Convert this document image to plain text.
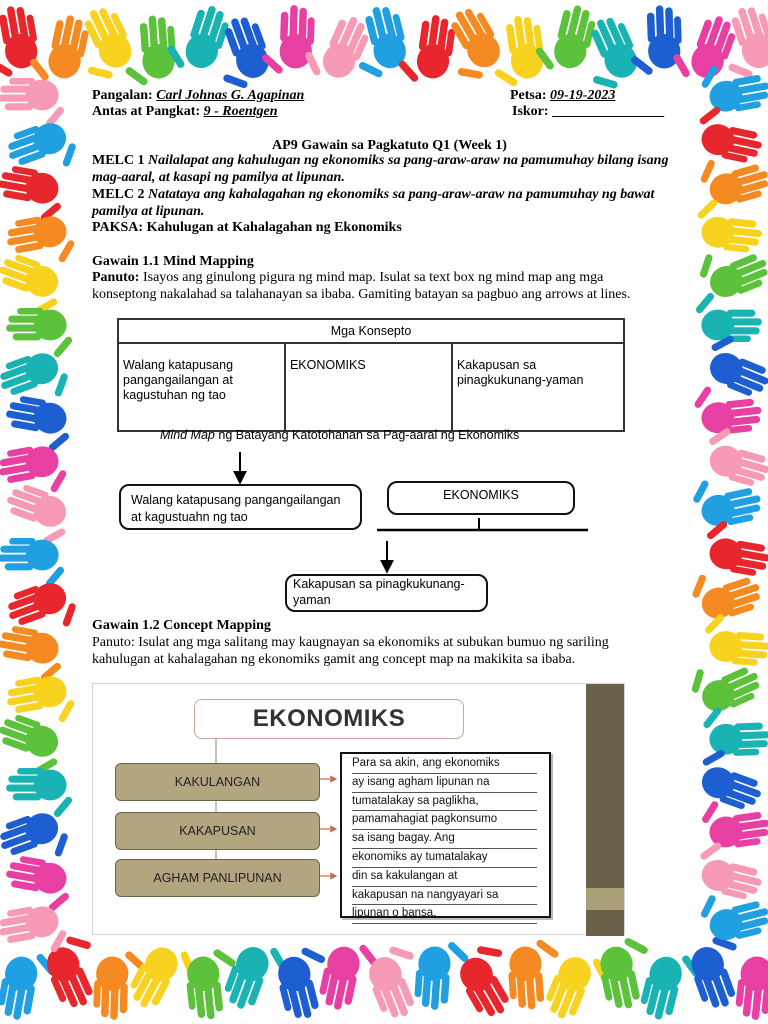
Pangalan: Carl Johnas G. Agapinan
Antas at Pangkat: 9 - Roentgen
Petsa: 09-19-2023
Iskor: ________________
AP9 Gawain sa Pagkatuto Q1 (Week 1)
MELC 1 Nailalapat ang kahulugan ng ekonomiks sa pang-araw-araw na pamumuhay bilang isang mag-aaral, at kasapi ng pamilya at lipunan.
MELC 2 Natataya ang kahalagahan ng ekonomiks sa pang-araw-araw na pamumuhay ng bawat pamilya at lipunan.
PAKSA: Kahulugan at Kahalagahan ng Ekonomiks
Gawain 1.1 Mind Mapping
Panuto: Isayos ang ginulong pigura ng mind map. Isulat sa text box ng mind map ang mga konseptong nakalahad sa talahanayan sa ibaba. Gamiting batayan sa pagbuo ang arrows at lines.
Mga Konsepto
Walang katapusang pangangailangan at kagustuhan ng tao	EKONOMIKS	Kakapusan sa pinagkukunang-yaman
Mind Map ng Batayang Katotohanan sa Pag-aaral ng Ekonomiks
Walang katapusang pangangailangan at kagustuahn ng tao
EKONOMIKS
Kakapusan sa pinagkukunang-yaman
Gawain 1.2 Concept Mapping
Panuto: Isulat ang mga salitang may kaugnayan sa ekonomiks at subukan bumuo ng sariling kahulugan at kahalagahan ng ekonomiks gamit ang concept map na makikita sa ibaba.
EKONOMIKS
KAKULANGAN
KAKAPUSAN
AGHAM PANLIPUNAN
Para sa akin, ang ekonomiks
ay isang agham lipunan na
tumatalakay sa paglikha,
pamamahagiat pagkonsumo
sa isang bagay. Ang
ekonomiks ay tumatalakay
din sa kakulangan at
kakapusan na nangyayari sa
lipunan o bansa.
